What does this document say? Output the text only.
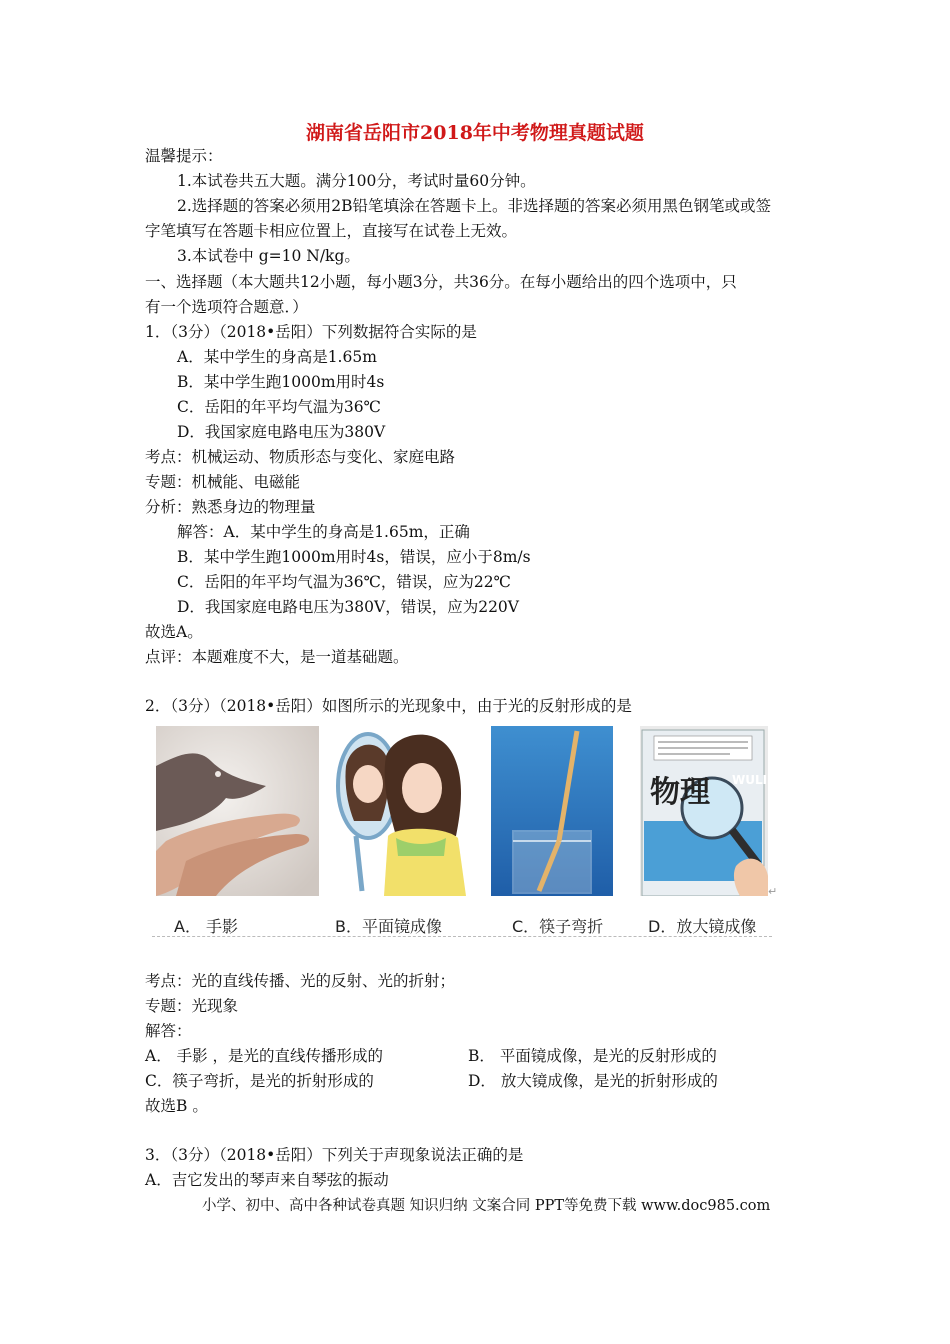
湖南省岳阳市2018年中考物理真题试题
温馨提示：
1.本试卷共五大题。满分100分，考试时量60分钟。
2.选择题的答案必须用2B铅笔填涂在答题卡上。非选择题的答案必须用黑色钢笔或或签
字笔填写在答题卡相应位置上，直接写在试卷上无效。
3.本试卷中 g=10 N/kg。
一、选择题（本大题共12小题，每小题3分，共36分。在每小题给出的四个选项中，只
有一个选项符合题意．）
1．（3分）（2018•岳阳）下列数据符合实际的是
A．某中学生的身高是1.65m
B．某中学生跑1000m用时4s
C．岳阳的年平均气温为36℃
D．我国家庭电路电压为380V
考点：机械运动、物质形态与变化、家庭电路
专题：机械能、电磁能
分析：熟悉身边的物理量
解答：A．某中学生的身高是1.65m，正确
B．某中学生跑1000m用时4s，错误，应小于8m/s
C．岳阳的年平均气温为36℃，错误，应为22℃
D．我国家庭电路电压为380V，错误，应为220V
故选A。
点评：本题难度不大，是一道基础题。
2．（3分）（2018•岳阳）如图所示的光现象中，由于光的反射形成的是
物理 WULI
↵
A． 手影	B．平面镜成像	C．筷子弯折	D．放大镜成像
考点：光的直线传播、光的反射、光的折射；
专题：光现象
解答：
A． 手影 ，是光的直线传播形成的	B． 平面镜成像，是光的反射形成的
C．筷子弯折，是光的折射形成的	D． 放大镜成像，是光的折射形成的
故选B 。
3．（3分）（2018•岳阳）下列关于声现象说法正确的是
A．吉它发出的琴声来自琴弦的振动
小学、初中、高中各种试卷真题 知识归纳 文案合同 PPT等免费下载 www.doc985.com
